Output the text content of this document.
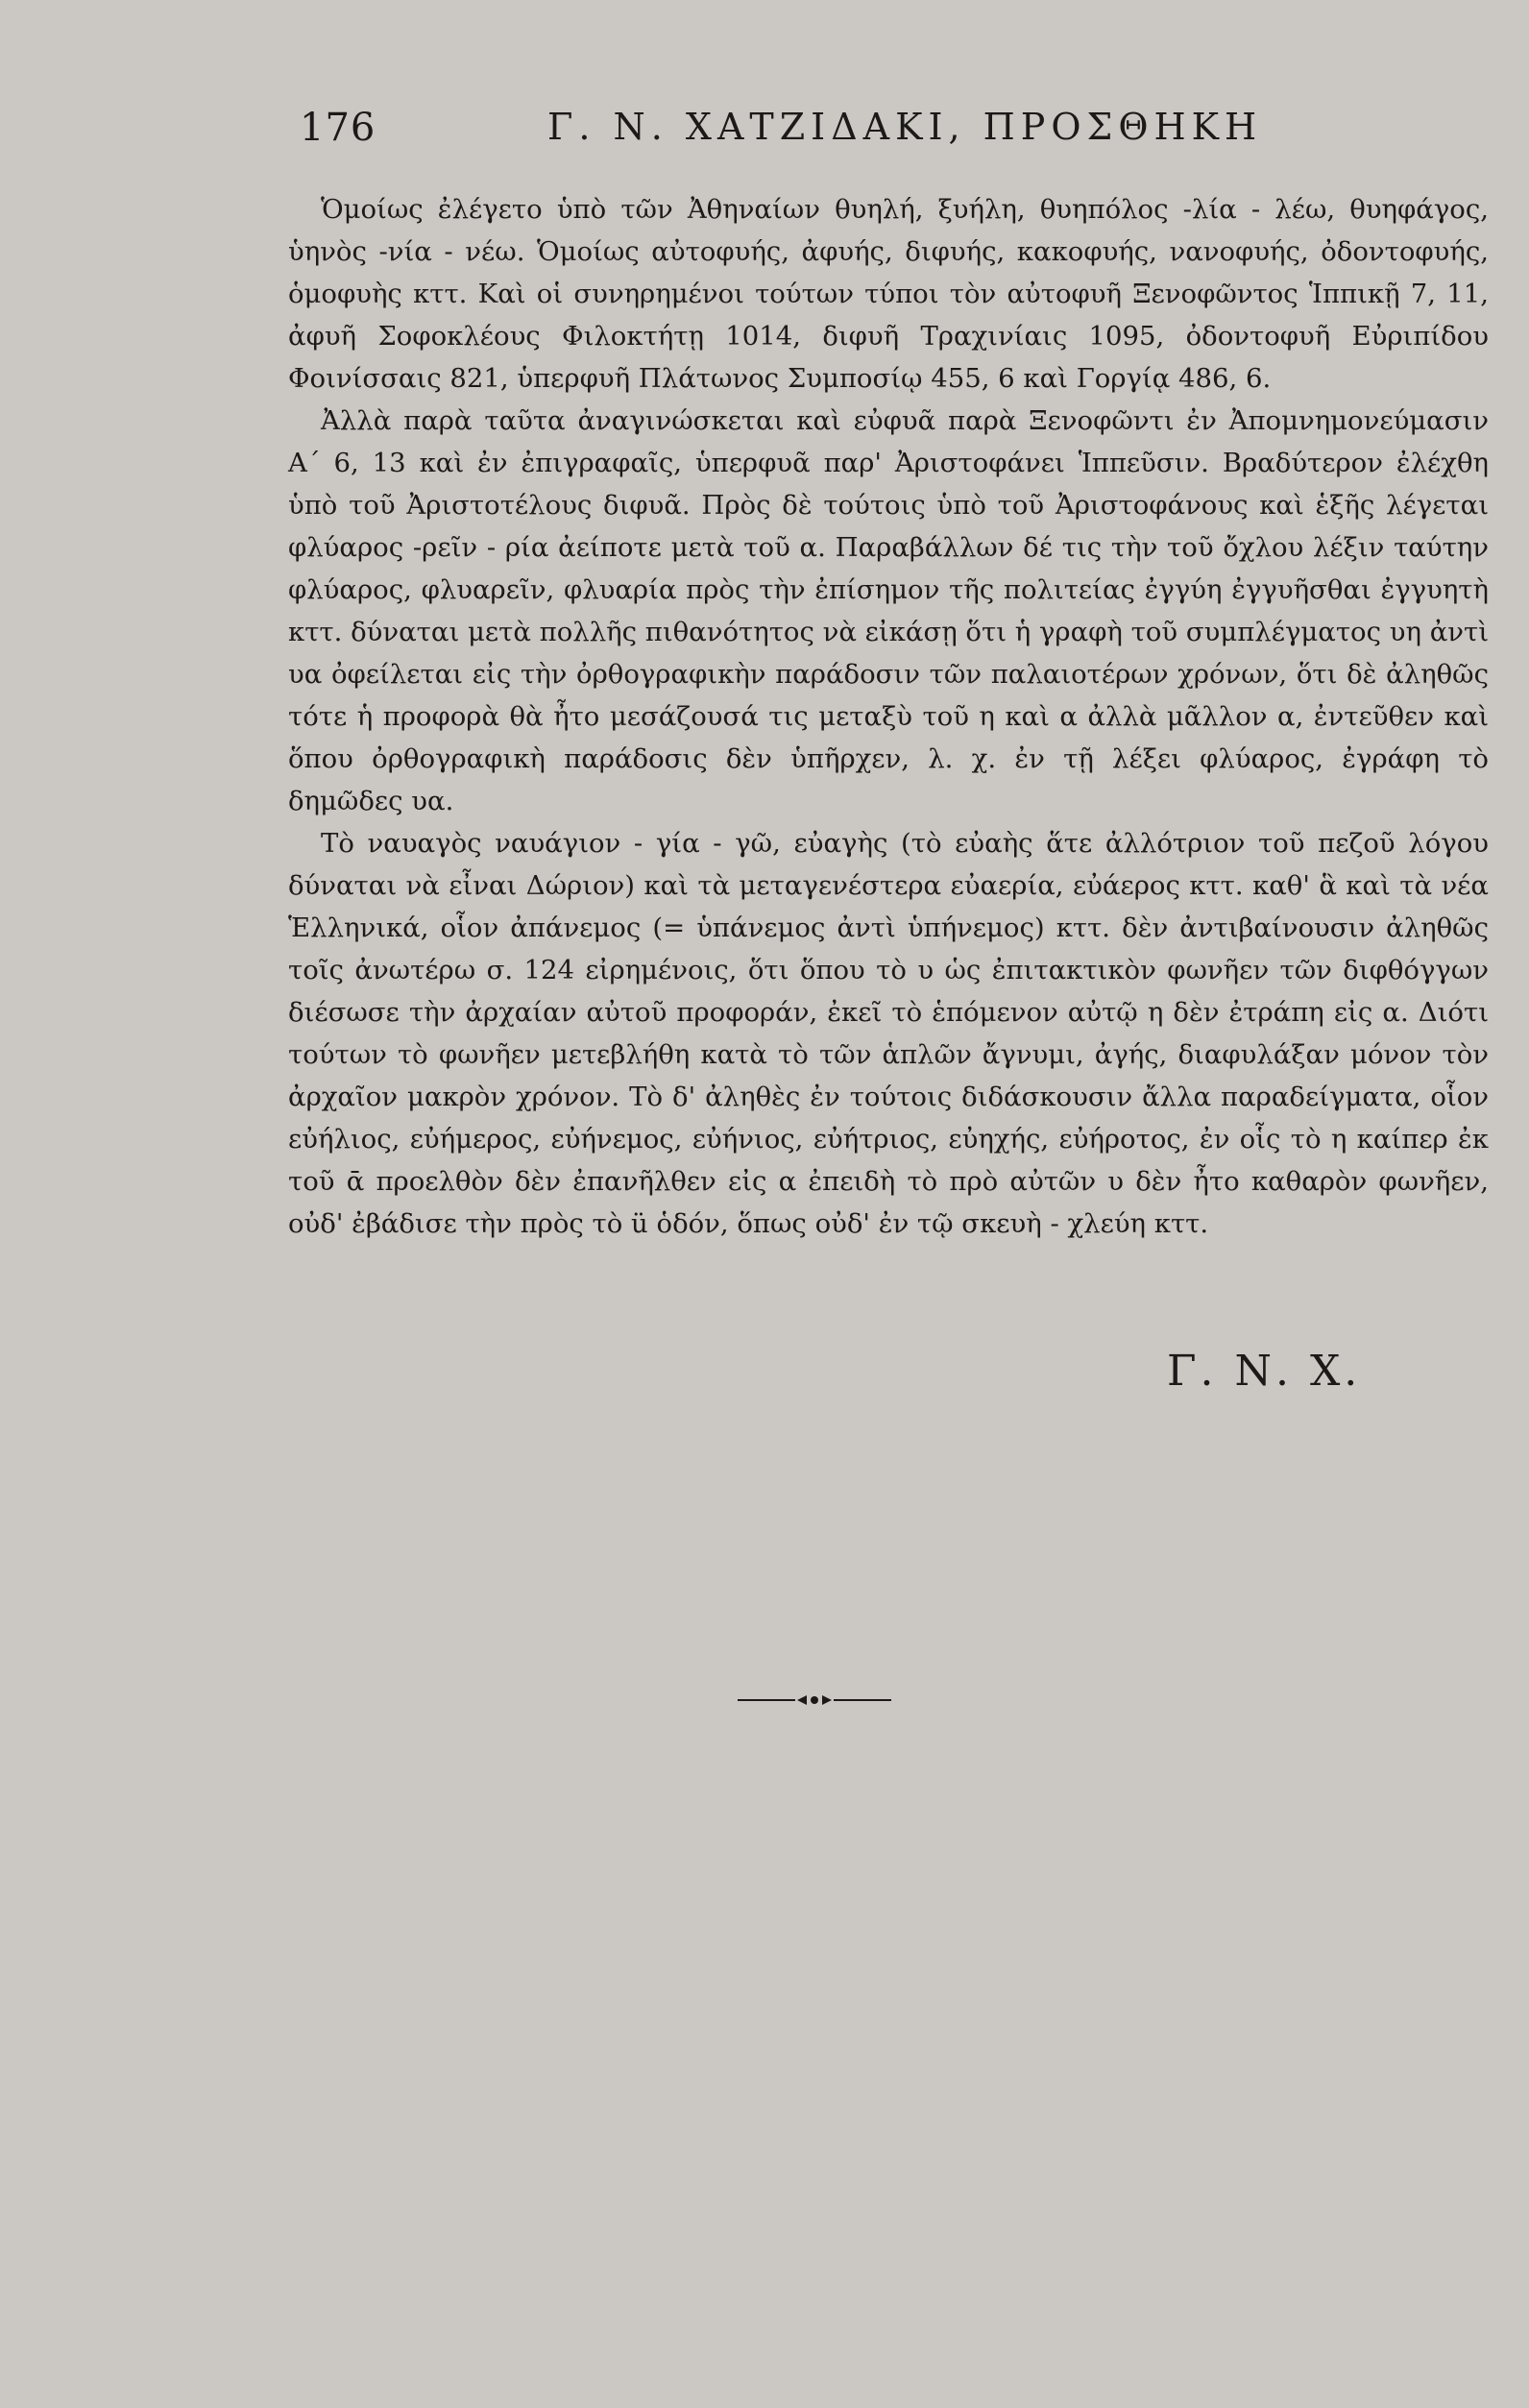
176	Γ. Ν. ΧΑΤΖΙΔΑΚΙ, ΠΡΟΣΘΗΚΗ

Ὁμοίως ἐλέγετο ὑπὸ τῶν Ἀθηναίων θυηλή, ξυήλη, θυηπόλος -λία - λέω, θυηφάγος, ὑηνὸς -νία - νέω. Ὁμοίως αὐτοφυής, ἀφυής, διφυής, κακοφυής, νανοφυής, ὀδοντοφυής, ὁμοφυὴς κττ. Καὶ οἱ συνηρημένοι τούτων τύποι τὸν αὐτοφυῆ Ξενοφῶντος Ἱππικῇ 7, 11, ἀφυῆ Σοφοκλέους Φιλοκτήτῃ 1014, διφυῆ Τραχινίαις 1095, ὀδοντοφυῆ Εὐριπίδου Φοινίσσαις 821, ὑπερφυῆ Πλάτωνος Συμποσίῳ 455, 6 καὶ Γοργίᾳ 486, 6.

Ἀλλὰ παρὰ ταῦτα ἀναγινώσκεται καὶ εὐφυᾶ παρὰ Ξενοφῶντι ἐν Ἀπομνημονεύμασιν Α΄ 6, 13 καὶ ἐν ἐπιγραφαῖς, ὑπερφυᾶ παρ' Ἀριστοφάνει Ἱππεῦσιν. Βραδύτερον ἐλέχθη ὑπὸ τοῦ Ἀριστοτέλους διφυᾶ. Πρὸς δὲ τούτοις ὑπὸ τοῦ Ἀριστοφάνους καὶ ἑξῆς λέγεται φλύαρος -ρεῖν - ρία ἀείποτε μετὰ τοῦ α. Παραβάλλων δέ τις τὴν τοῦ ὄχλου λέξιν ταύτην φλύαρος, φλυαρεῖν, φλυαρία πρὸς τὴν ἐπίσημον τῆς πολιτείας ἐγγύη ἐγγυῆσθαι ἐγγυητὴ κττ. δύναται μετὰ πολλῆς πιθανότητος νὰ εἰκάσῃ ὅτι ἡ γραφὴ τοῦ συμπλέγματος υη ἀντὶ υα ὀφείλεται εἰς τὴν ὀρθογραφικὴν παράδοσιν τῶν παλαιοτέρων χρόνων, ὅτι δὲ ἀληθῶς τότε ἡ προφορὰ θὰ ἦτο μεσάζουσά τις μεταξὺ τοῦ η καὶ α ἀλλὰ μᾶλλον α, ἐντεῦθεν καὶ ὅπου ὀρθογραφικὴ παράδοσις δὲν ὑπῆρχεν, λ. χ. ἐν τῇ λέξει φλύαρος, ἐγράφη τὸ δημῶδες υα.

Τὸ ναυαγὸς ναυάγιον - γία - γῶ, εὐαγὴς (τὸ εὐαὴς ἅτε ἀλλότριον τοῦ πεζοῦ λόγου δύναται νὰ εἶναι Δώριον) καὶ τὰ μεταγενέστερα εὐαερία, εὐάερος κττ. καθ' ἃ καὶ τὰ νέα Ἑλληνικά, οἷον ἀπάνεμος (= ὑπάνεμος ἀντὶ ὑπήνεμος) κττ. δὲν ἀντιβαίνουσιν ἀληθῶς τοῖς ἀνωτέρω σ. 124 εἰρημένοις, ὅτι ὅπου τὸ υ ὡς ἐπιτακτικὸν φωνῆεν τῶν διφθόγγων διέσωσε τὴν ἀρχαίαν αὐτοῦ προφοράν, ἐκεῖ τὸ ἑπόμενον αὐτῷ η δὲν ἐτράπη εἰς α. Διότι τούτων τὸ φωνῆεν μετεβλήθη κατὰ τὸ τῶν ἁπλῶν ἄγνυμι, ἀγής, διαφυλάξαν μόνον τὸν ἀρχαῖον μακρὸν χρόνον. Τὸ δ' ἀληθὲς ἐν τούτοις διδάσκουσιν ἄλλα παραδείγματα, οἷον εὐήλιος, εὐήμερος, εὐήνεμος, εὐήνιος, εὐήτριος, εὐηχής, εὐήροτος, ἐν οἷς τὸ η καίπερ ἐκ τοῦ ᾱ προελθὸν δὲν ἐπανῆλθεν εἰς α ἐπειδὴ τὸ πρὸ αὐτῶν υ δὲν ἦτο καθαρὸν φωνῆεν, οὐδ' ἐβάδισε τὴν πρὸς τὸ ü ὁδόν, ὅπως οὐδ' ἐν τῷ σκευὴ - χλεύη κττ.

Γ. Ν. Χ.
